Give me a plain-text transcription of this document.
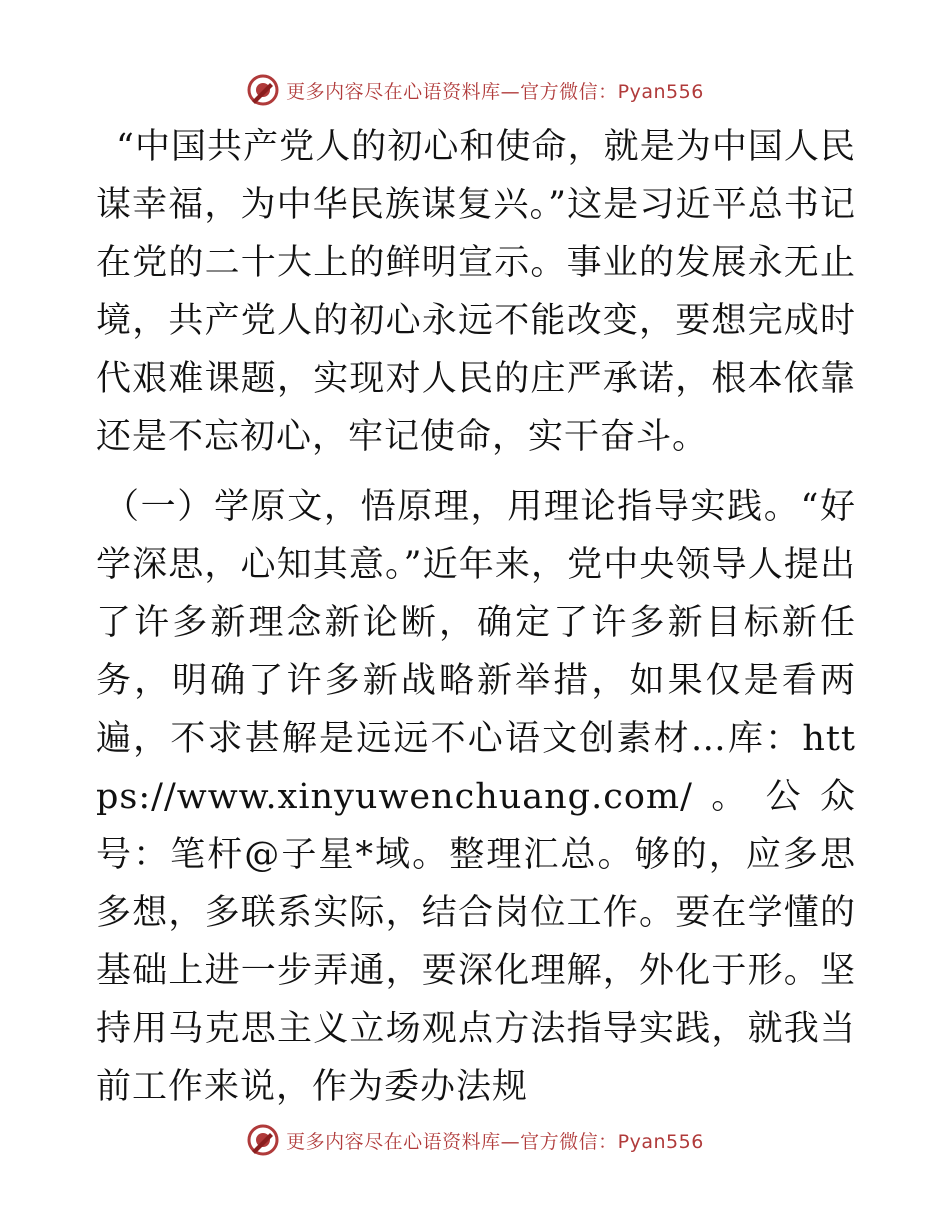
更多内容尽在心语资料库—官方微信：Pyan556

“中国共产党人的初心和使命，就是为中国人民谋幸福，为中华民族谋复兴。”这是习近平总书记在党的二十大上的鲜明宣示。事业的发展永无止境，共产党人的初心永远不能改变，要想完成时代艰难课题，实现对人民的庄严承诺，根本依靠还是不忘初心，牢记使命，实干奋斗。

（一）学原文，悟原理，用理论指导实践。“好学深思，心知其意。”近年来，党中央领导人提出了许多新理念新论断，确定了许多新目标新任务，明确了许多新战略新举措，如果仅是看两遍，不求甚解是远远不心语文创素材…库：https://www.xinyuwenchuang.com/。公众号：笔杆@子星*域。整理汇总。够的，应多思多想，多联系实际，结合岗位工作。要在学懂的基础上进一步弄通，要深化理解，外化于形。坚持用马克思主义立场观点方法指导实践，就我当前工作来说，作为委办法规

更多内容尽在心语资料库—官方微信：Pyan556
